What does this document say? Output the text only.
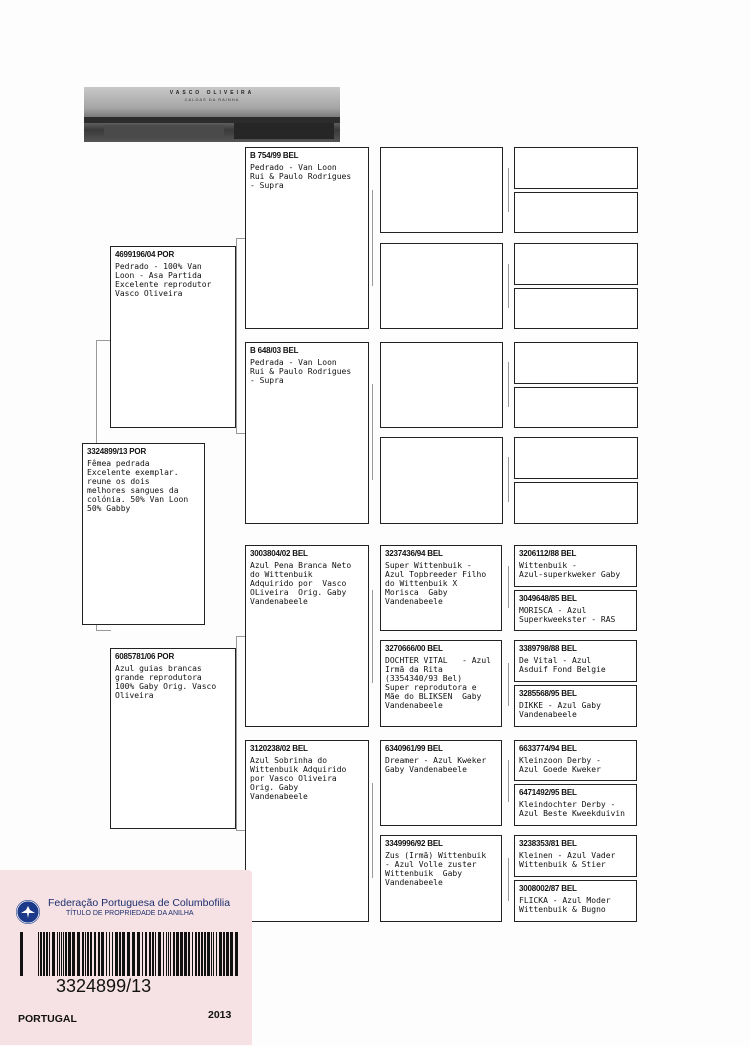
VASCO OLIVEIRA
CALDAS DA RAINHA
3324899/13 POR
Fêmea pedrada
Excelente exemplar.
reune os dois
melhores sangues da
colónia. 50% Van Loon
50% Gabby
4699196/04 POR
Pedrado - 100% Van
Loon - Asa Partida
Excelente reprodutor
Vasco Oliveira
6085781/06 POR
Azul guias brancas
grande reprodutora
100% Gaby Orig. Vasco
Oliveira
B 754/99 BEL
Pedrado - Van Loon
Rui & Paulo Rodrigues
- Supra
B 648/03 BEL
Pedrada - Van Loon
Rui & Paulo Rodrigues
- Supra
3003804/02 BEL
Azul Pena Branca Neto
do Wittenbuik
Adquirido por  Vasco
OLiveira  Orig. Gaby
Vandenabeele
3120238/02 BEL
Azul Sobrinha do
Wittenbuik Adquirido
por Vasco Oliveira
Orig. Gaby
Vandenabeele
3237436/94 BEL
Super Wittenbuik -
Azul Topbreeder Filho
do Wittenbuik X
Morisca  Gaby
Vandenabeele
3270666/00 BEL
DOCHTER VITAL   - Azul
Irmã da Rita
(3354340/93 Bel)
Super reprodutora e
Mãe do BLIKSEN  Gaby
Vandenabeele
6340961/99 BEL
Dreamer - Azul Kweker
Gaby Vandenabeele
3349996/92 BEL
Zus (Irmã) Wittenbuik
- Azul Volle zuster
Wittenbuik  Gaby
Vandenabeele
3206112/88 BEL
Wittenbuik -
Azul-superkweker Gaby
3049648/85 BEL
MORISCA - Azul
Superkweekster - RAS
3389798/88 BEL
De Vital - Azul
Asduif Fond Belgie
3285568/95 BEL
DIKKE - Azul Gaby
Vandenabeele
6633774/94 BEL
Kleinzoon Derby -
Azul Goede Kweker
6471492/95 BEL
Kleindochter Derby -
Azul Beste Kweekduivin
3238353/81 BEL
Kleinen - Azul Vader
Wittenbuik & Stier
3008002/87 BEL
FLICKA - Azul Moder
Wittenbuik & Bugno
Federação Portuguesa de Columbofilia
TÍTULO DE PROPRIEDADE DA ANILHA
3324899/13
PORTUGAL	2013
